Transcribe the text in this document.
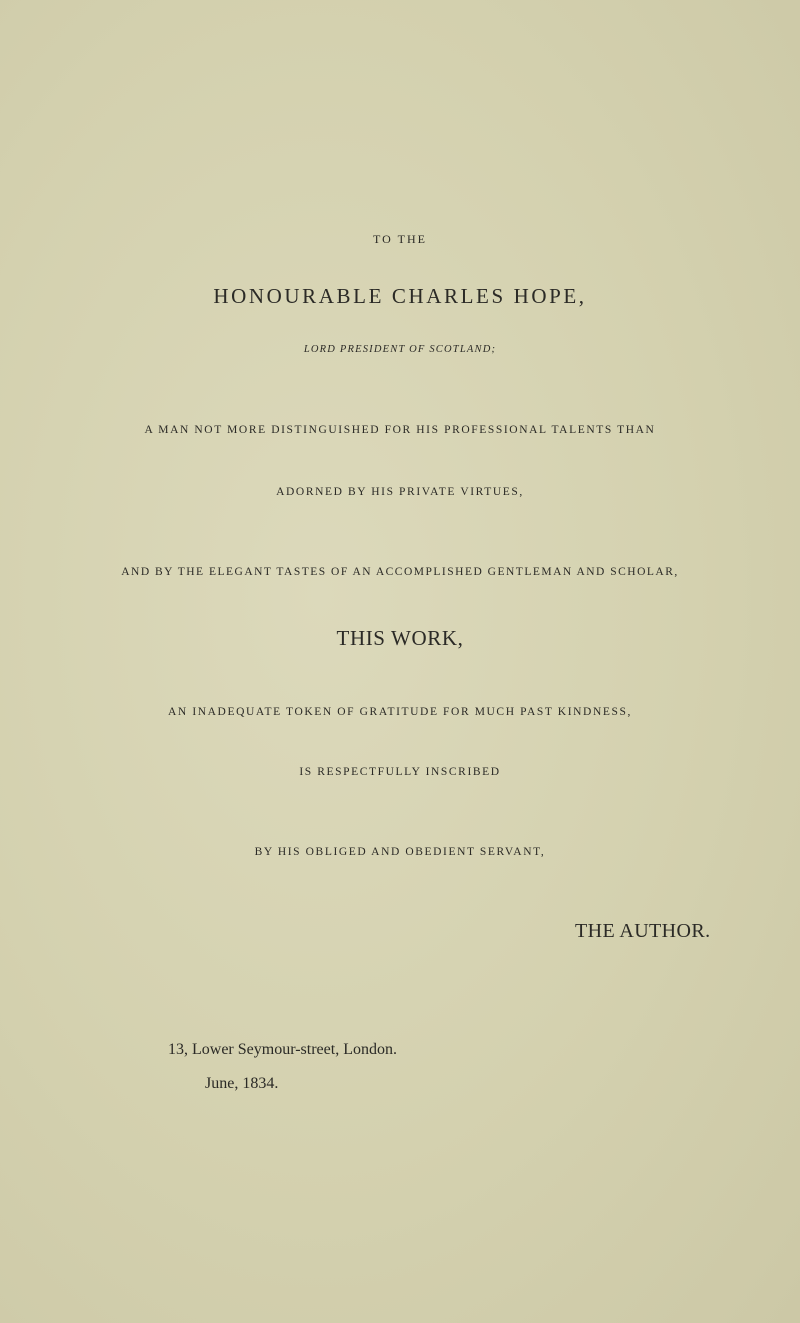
TO THE
HONOURABLE CHARLES HOPE,
LORD PRESIDENT OF SCOTLAND;
A MAN NOT MORE DISTINGUISHED FOR HIS PROFESSIONAL TALENTS THAN
ADORNED BY HIS PRIVATE VIRTUES,
AND BY THE ELEGANT TASTES OF AN ACCOMPLISHED GENTLEMAN AND SCHOLAR,
THIS WORK,
AN INADEQUATE TOKEN OF GRATITUDE FOR MUCH PAST KINDNESS,
IS RESPECTFULLY INSCRIBED
BY HIS OBLIGED AND OBEDIENT SERVANT,
THE AUTHOR.
13, Lower Seymour-street, London.
June, 1834.
